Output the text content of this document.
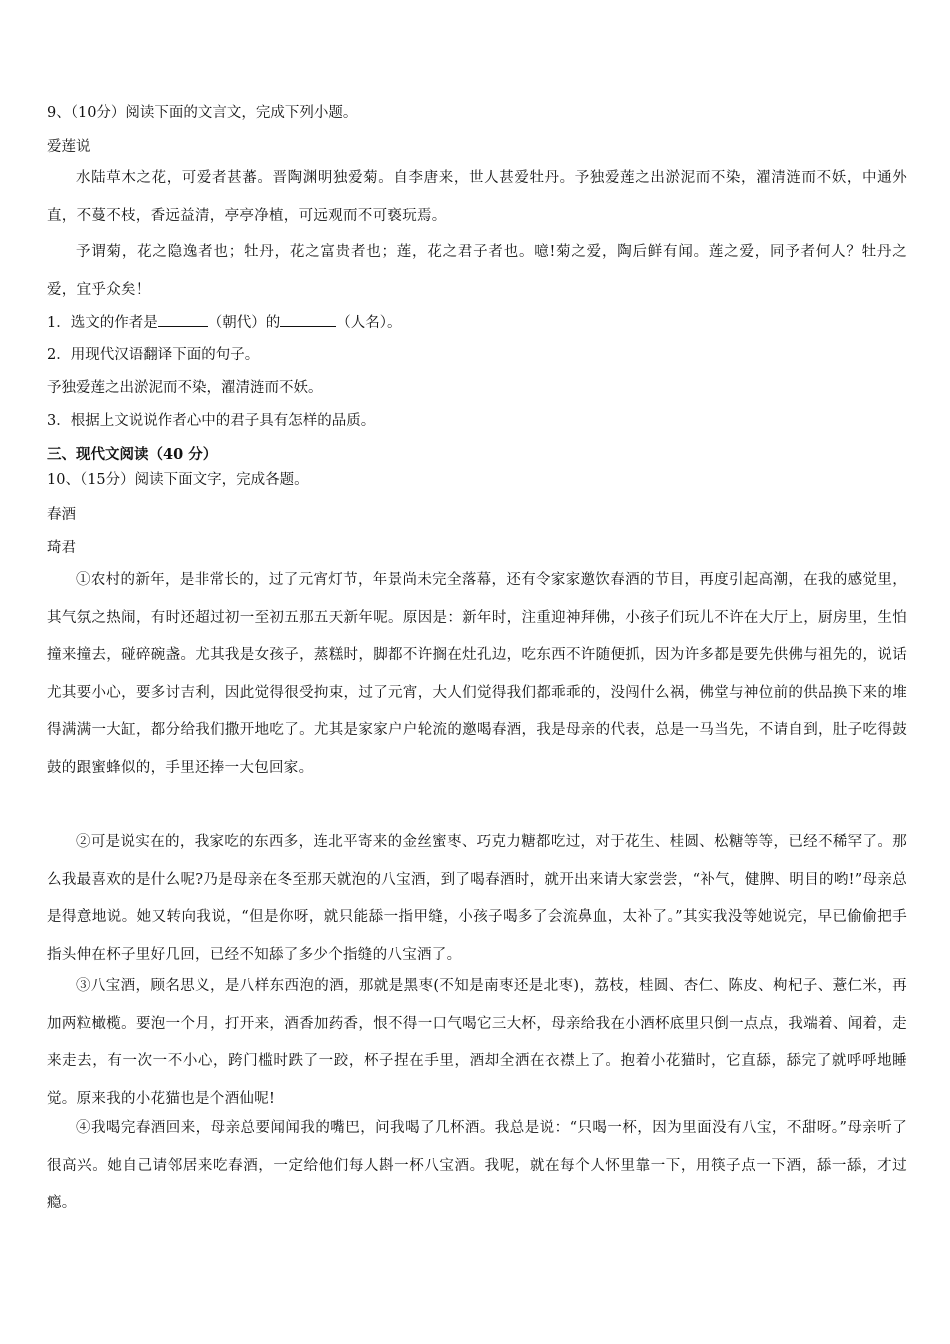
9、（10分）阅读下面的文言文，完成下列小题。
爱莲说
水陆草木之花，可爱者甚蕃。晋陶渊明独爱菊。自李唐来，世人甚爱牡丹。予独爱莲之出淤泥而不染，濯清涟而不妖，中通外直，不蔓不枝，香远益清，亭亭净植，可远观而不可亵玩焉。
予谓菊，花之隐逸者也；牡丹，花之富贵者也；莲，花之君子者也。噫!菊之爱，陶后鲜有闻。莲之爱，同予者何人？牡丹之爱，宜乎众矣！
1．选文的作者是	（朝代）的	（人名）。
2．用现代汉语翻译下面的句子。
予独爱莲之出淤泥而不染，濯清涟而不妖。
3．根据上文说说作者心中的君子具有怎样的品质。
三、现代文阅读（40 分）
10、（15分）阅读下面文字，完成各题。
春酒
琦君
①农村的新年，是非常长的，过了元宵灯节，年景尚未完全落幕，还有令家家邀饮春酒的节目，再度引起高潮，在我的感觉里，其气氛之热闹，有时还超过初一至初五那五天新年呢。原因是：新年时，注重迎神拜佛，小孩子们玩儿不许在大厅上，厨房里，生怕撞来撞去，碰碎碗盏。尤其我是女孩子，蒸糕时，脚都不许搁在灶孔边，吃东西不许随便抓，因为许多都是要先供佛与祖先的，说话尤其要小心，要多讨吉利，因此觉得很受拘束，过了元宵，大人们觉得我们都乖乖的，没闯什么祸，佛堂与神位前的供品换下来的堆得满满一大缸，都分给我们撒开地吃了。尤其是家家户户轮流的邀喝春酒，我是母亲的代表，总是一马当先，不请自到，肚子吃得鼓鼓的跟蜜蜂似的，手里还捧一大包回家。
②可是说实在的，我家吃的东西多，连北平寄来的金丝蜜枣、巧克力糖都吃过，对于花生、桂圆、松糖等等，已经不稀罕了。那么我最喜欢的是什么呢?乃是母亲在冬至那天就泡的八宝酒，到了喝春酒时，就开出来请大家尝尝，“补气，健脾、明目的哟!”母亲总是得意地说。她又转向我说，“但是你呀，就只能舔一指甲缝，小孩子喝多了会流鼻血，太补了。”其实我没等她说完，早已偷偷把手指头伸在杯子里好几回，已经不知舔了多少个指缝的八宝酒了。
③八宝酒，顾名思义，是八样东西泡的酒，那就是黑枣(不知是南枣还是北枣)，荔枝，桂圆、杏仁、陈皮、枸杞子、薏仁米，再加两粒橄榄。要泡一个月，打开来，酒香加药香，恨不得一口气喝它三大杯，母亲给我在小酒杯底里只倒一点点，我端着、闻着，走来走去，有一次一不小心，跨门槛时跌了一跤，杯子捏在手里，酒却全洒在衣襟上了。抱着小花猫时，它直舔，舔完了就呼呼地睡觉。原来我的小花猫也是个酒仙呢!
④我喝完春酒回来，母亲总要闻闻我的嘴巴，问我喝了几杯酒。我总是说：“只喝一杯，因为里面没有八宝，不甜呀。”母亲听了很高兴。她自己请邻居来吃春酒，一定给他们每人斟一杯八宝酒。我呢，就在每个人怀里靠一下，用筷子点一下酒，舔一舔，才过瘾。
